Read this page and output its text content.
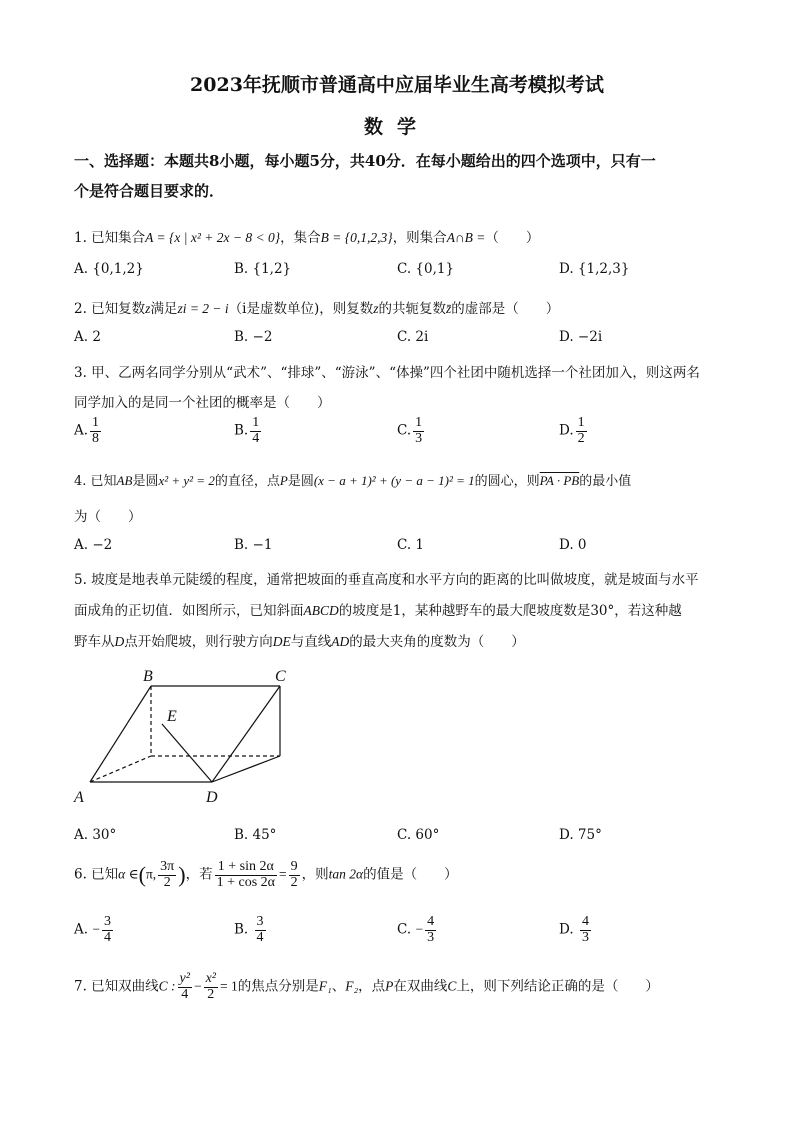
2023年抚顺市普通高中应届毕业生高考模拟考试
数学
一、选择题：本题共8小题，每小题5分，共40分．在每小题给出的四个选项中，只有一
个是符合题目要求的．
1. 已知集合A = {x | x² + 2x − 8 < 0}，集合B = {0,1,2,3}，则集合A∩B =（　　）
A. {0,1,2}	B. {1,2}	C. {0,1}	D. {1,2,3}
2. 已知复数z满足zi = 2 − i（i是虚数单位)，则复数z的共轭复数z̄的虚部是（　　）
A. 2	B. −2	C. 2i	D. −2i
3. 甲、乙两名同学分别从“武术”、“排球”、“游泳”、“体操”四个社团中随机选择一个社团加入，则这两名
同学加入的是同一个社团的概率是（　　）
A. $\frac{1}{8}$	B. $\frac{1}{4}$	C. $\frac{1}{3}$	D. $\frac{1}{2}$
4. 已知AB是圆x² + y² = 2的直径，点P是圆(x − a + 1)² + (y − a − 1)² = 1的圆心，则PA · PB的最小值
为（　　）
A. −2	B. −1	C. 1	D. 0
5. 坡度是地表单元陡缓的程度，通常把坡面的垂直高度和水平方向的距离的比叫做坡度，就是坡面与水平
面成角的正切值．如图所示，已知斜面ABCD的坡度是1，某种越野车的最大爬坡度数是30°，若这种越
野车从D点开始爬坡，则行驶方向DE与直线AD的最大夹角的度数为（　　）
B	C
E
A	D
A. 30°	B. 45°	C. 60°	D. 75°
6. 已知α ∈(π, $\frac{3\pi}{2}$ )，若 $\frac{1 + \sin 2\alpha}{1 + \cos 2\alpha} = \frac{9}{2}$ ，则tan 2α的值是（　　）
A. − $\frac{3}{4}$	B. $\frac{3}{4}$	C. − $\frac{4}{3}$	D. $\frac{4}{3}$
7. 已知双曲线C : $\frac{\text{y²}}{4} - \frac{\text{x²}}{2} = 1$的焦点分别是F₁、F₂，点P在双曲线C上，则下列结论正确的是（　　）
